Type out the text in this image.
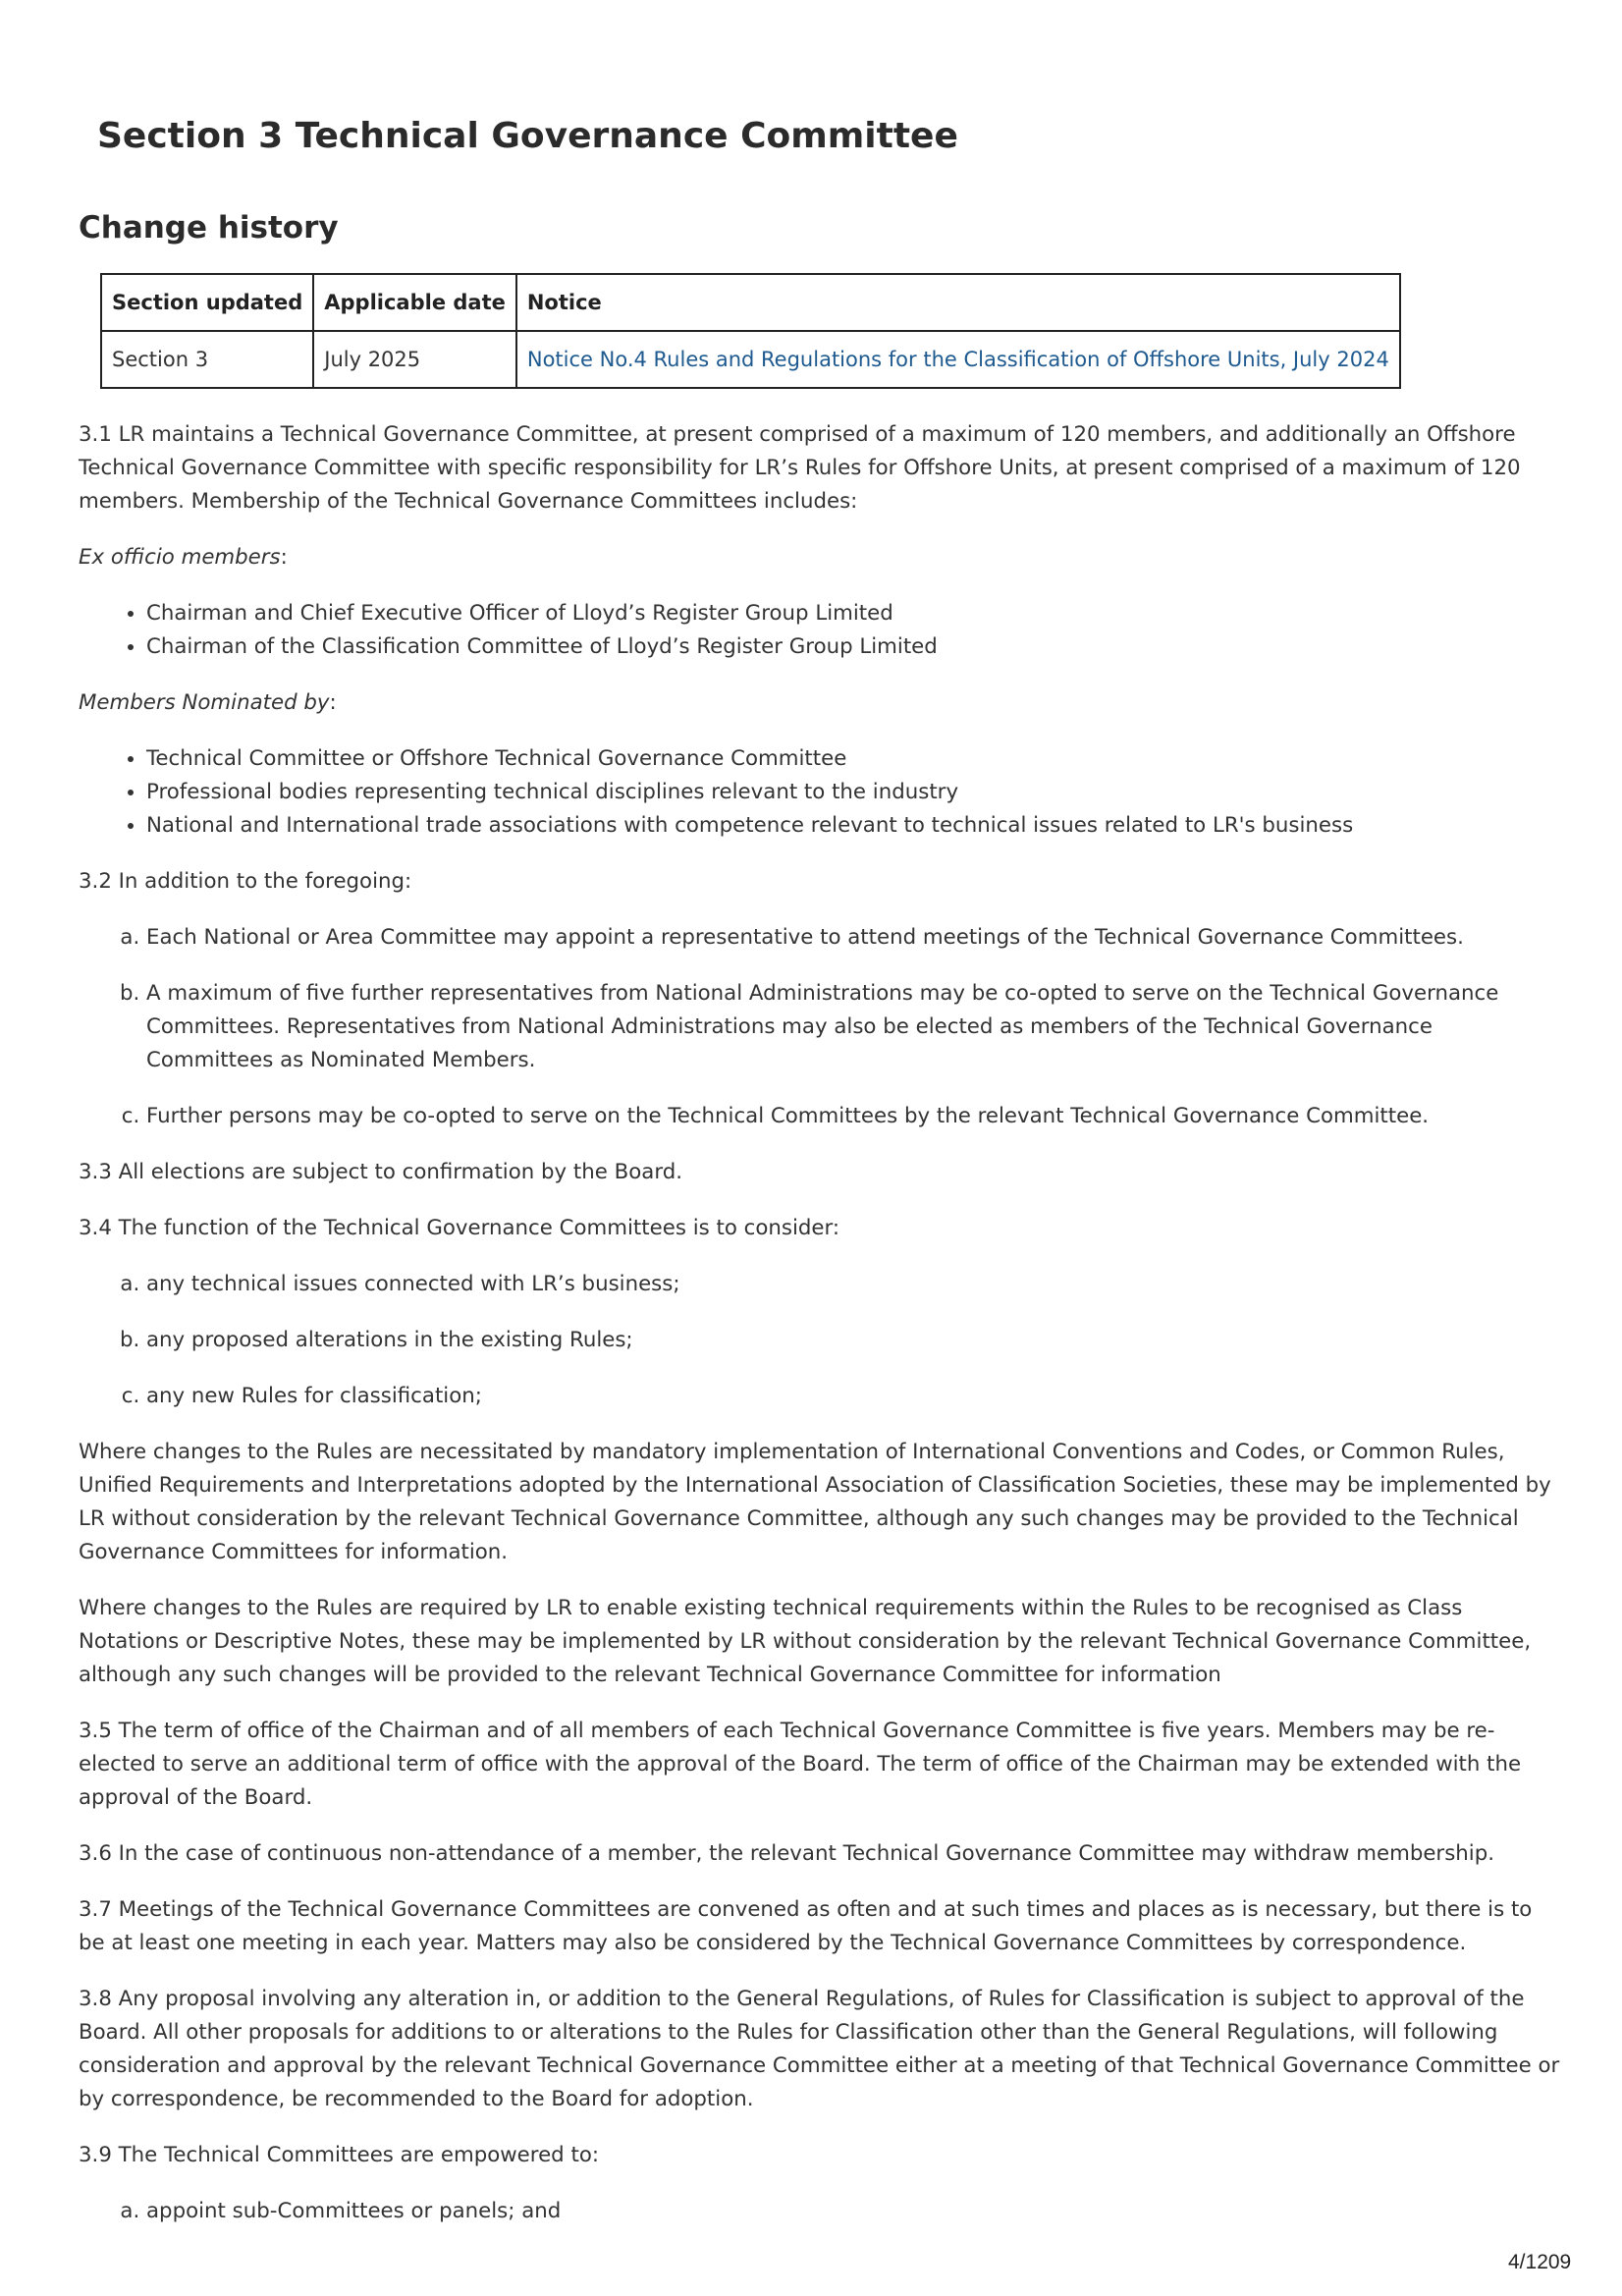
Section 3 Technical Governance Committee
Change history
Section updated	Applicable date	Notice
Section 3	July 2025	Notice No.4 Rules and Regulations for the Classification of Offshore Units, July 2024

3.1 LR maintains a Technical Governance Committee, at present comprised of a maximum of 120 members, and additionally an Offshore Technical Governance Committee with specific responsibility for LR’s Rules for Offshore Units, at present comprised of a maximum of 120 members. Membership of the Technical Governance Committees includes:

Ex officio members:

• Chairman and Chief Executive Officer of Lloyd’s Register Group Limited
• Chairman of the Classification Committee of Lloyd’s Register Group Limited

Members Nominated by:

• Technical Committee or Offshore Technical Governance Committee
• Professional bodies representing technical disciplines relevant to the industry
• National and International trade associations with competence relevant to technical issues related to LR's business

3.2 In addition to the foregoing:

a. Each National or Area Committee may appoint a representative to attend meetings of the Technical Governance Committees.
b. A maximum of five further representatives from National Administrations may be co-opted to serve on the Technical Governance Committees. Representatives from National Administrations may also be elected as members of the Technical Governance Committees as Nominated Members.
c. Further persons may be co-opted to serve on the Technical Committees by the relevant Technical Governance Committee.

3.3 All elections are subject to confirmation by the Board.

3.4 The function of the Technical Governance Committees is to consider:

a. any technical issues connected with LR’s business;
b. any proposed alterations in the existing Rules;
c. any new Rules for classification;

Where changes to the Rules are necessitated by mandatory implementation of International Conventions and Codes, or Common Rules, Unified Requirements and Interpretations adopted by the International Association of Classification Societies, these may be implemented by LR without consideration by the relevant Technical Governance Committee, although any such changes may be provided to the Technical Governance Committees for information.

Where changes to the Rules are required by LR to enable existing technical requirements within the Rules to be recognised as Class Notations or Descriptive Notes, these may be implemented by LR without consideration by the relevant Technical Governance Committee, although any such changes will be provided to the relevant Technical Governance Committee for information

3.5 The term of office of the Chairman and of all members of each Technical Governance Committee is five years. Members may be re-elected to serve an additional term of office with the approval of the Board. The term of office of the Chairman may be extended with the approval of the Board.

3.6 In the case of continuous non-attendance of a member, the relevant Technical Governance Committee may withdraw membership.

3.7 Meetings of the Technical Governance Committees are convened as often and at such times and places as is necessary, but there is to be at least one meeting in each year. Matters may also be considered by the Technical Governance Committees by correspondence.

3.8 Any proposal involving any alteration in, or addition to the General Regulations, of Rules for Classification is subject to approval of the Board. All other proposals for additions to or alterations to the Rules for Classification other than the General Regulations, will following consideration and approval by the relevant Technical Governance Committee either at a meeting of that Technical Governance Committee or by correspondence, be recommended to the Board for adoption.

3.9 The Technical Committees are empowered to:

a. appoint sub-Committees or panels; and
4/1209
